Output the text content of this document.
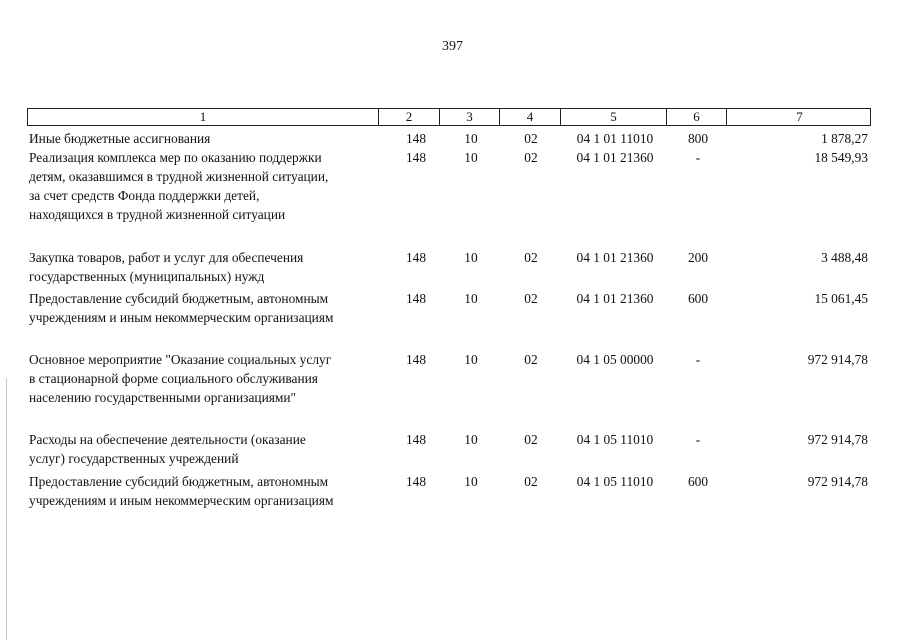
397
1	2	3	4	5	6	7
Иные бюджетные ассигнования	148	10	02	04 1 01 11010	800	1 878,27
Реализация комплекса мер по оказанию поддержки
детям, оказавшимся в трудной жизненной ситуации,
за счет средств Фонда поддержки детей,
находящихся в трудной жизненной ситуации
148	10	02	04 1 01 21360	-	18 549,93
Закупка товаров, работ и услуг для обеспечения
государственных (муниципальных) нужд
148	10	02	04 1 01 21360	200	3 488,48
Предоставление субсидий бюджетным, автономным
учреждениям и иным некоммерческим организациям
148	10	02	04 1 01 21360	600	15 061,45
Основное мероприятие "Оказание социальных услуг
в стационарной форме социального обслуживания
населению государственными организациями"
148	10	02	04 1 05 00000	-	972 914,78
Расходы на обеспечение деятельности (оказание
услуг) государственных учреждений
148	10	02	04 1 05 11010	-	972 914,78
Предоставление субсидий бюджетным, автономным
учреждениям и иным некоммерческим организациям
148	10	02	04 1 05 11010	600	972 914,78
